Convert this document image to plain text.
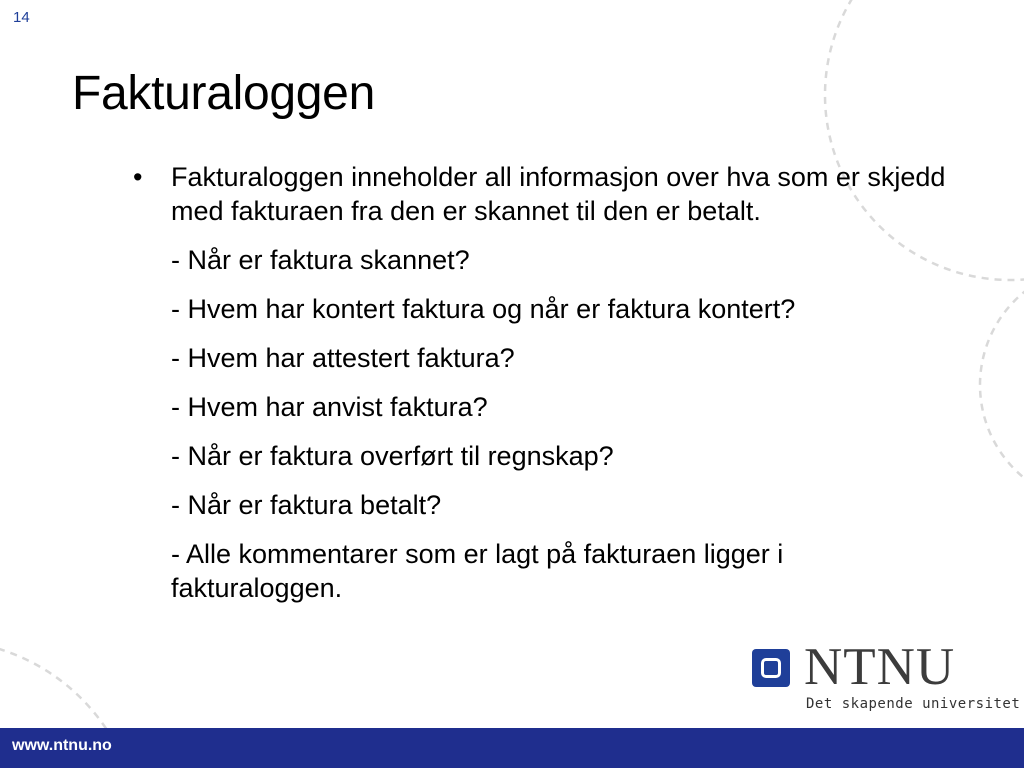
14
Fakturaloggen
• Fakturaloggen inneholder all informasjon over hva som er skjedd med fakturaen fra den er skannet til den er betalt.
- Når er faktura skannet?
- Hvem har kontert faktura og når er faktura kontert?
- Hvem har attestert faktura?
- Hvem har anvist faktura?
- Når er faktura overført til regnskap?
- Når er faktura betalt?
- Alle kommentarer som er lagt på fakturaen ligger i fakturaloggen.
NTNU
Det skapende universitet
www.ntnu.no
